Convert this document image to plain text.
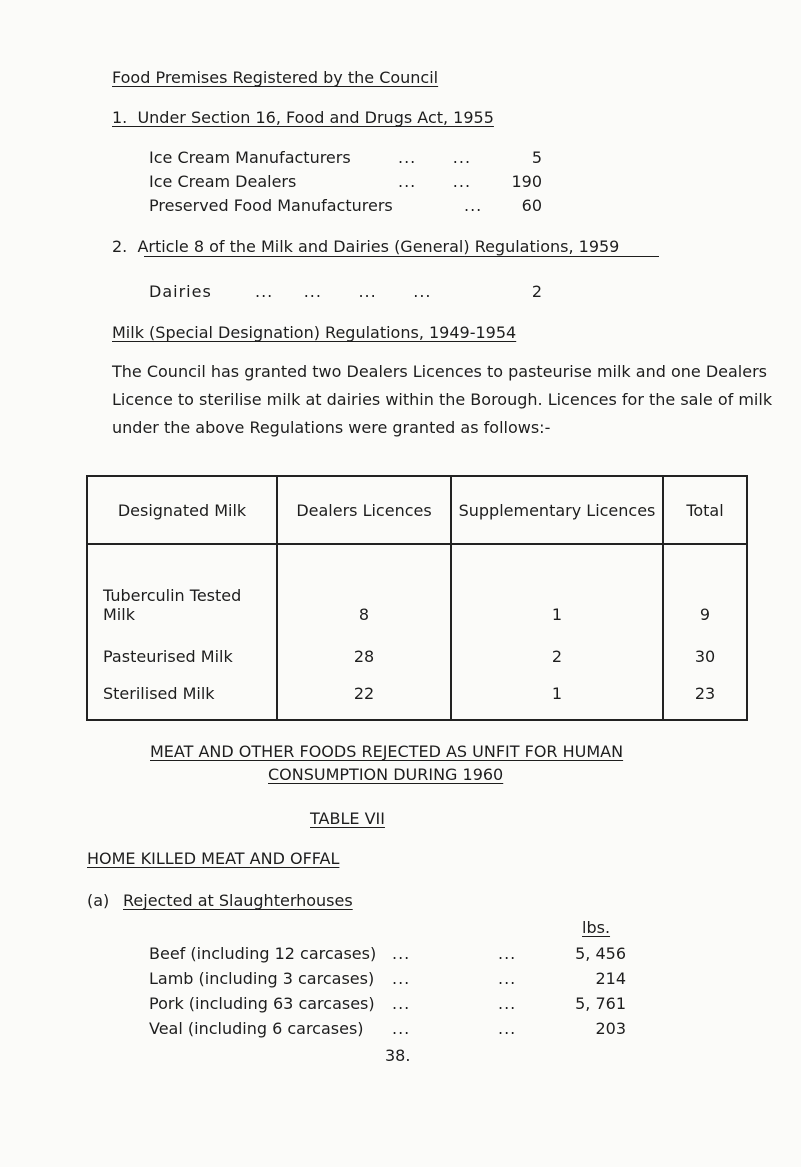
Food Premises Registered by the Council
1.  Under Section 16, Food and Drugs Act, 1955
Ice Cream Manufacturers	...      ...	5
Ice Cream Dealers	...      ...	190
Preserved Food Manufacturers	...	60
2.  Article 8 of the Milk and Dairies (General) Regulations, 1959
Dairies	...     ...      ...      ...	2
Milk (Special Designation) Regulations, 1949-1954
The Council has granted two Dealers Licences to pasteurise milk and one Dealers Licence to sterilise milk at dairies within the Borough. Licences for the sale of milk under the above Regulations were granted as follows:-
Designated Milk	Dealers Licences	Supplementary Licences	Total

Tuberculin Tested
Milk	8	1	9
Pasteurised Milk	28	2	30
Sterilised Milk	22	1	23
MEAT AND OTHER FOODS REJECTED AS UNFIT FOR HUMAN
CONSUMPTION DURING 1960
TABLE VII
HOME KILLED MEAT AND OFFAL
(a) Rejected at Slaughterhouses
lbs.
Beef (including 12 carcases) ...	...	5, 456
Lamb (including 3 carcases) ...	...	214
Pork (including 63 carcases) ...	...	5, 761
Veal (including 6 carcases) ...	...	203
38.
